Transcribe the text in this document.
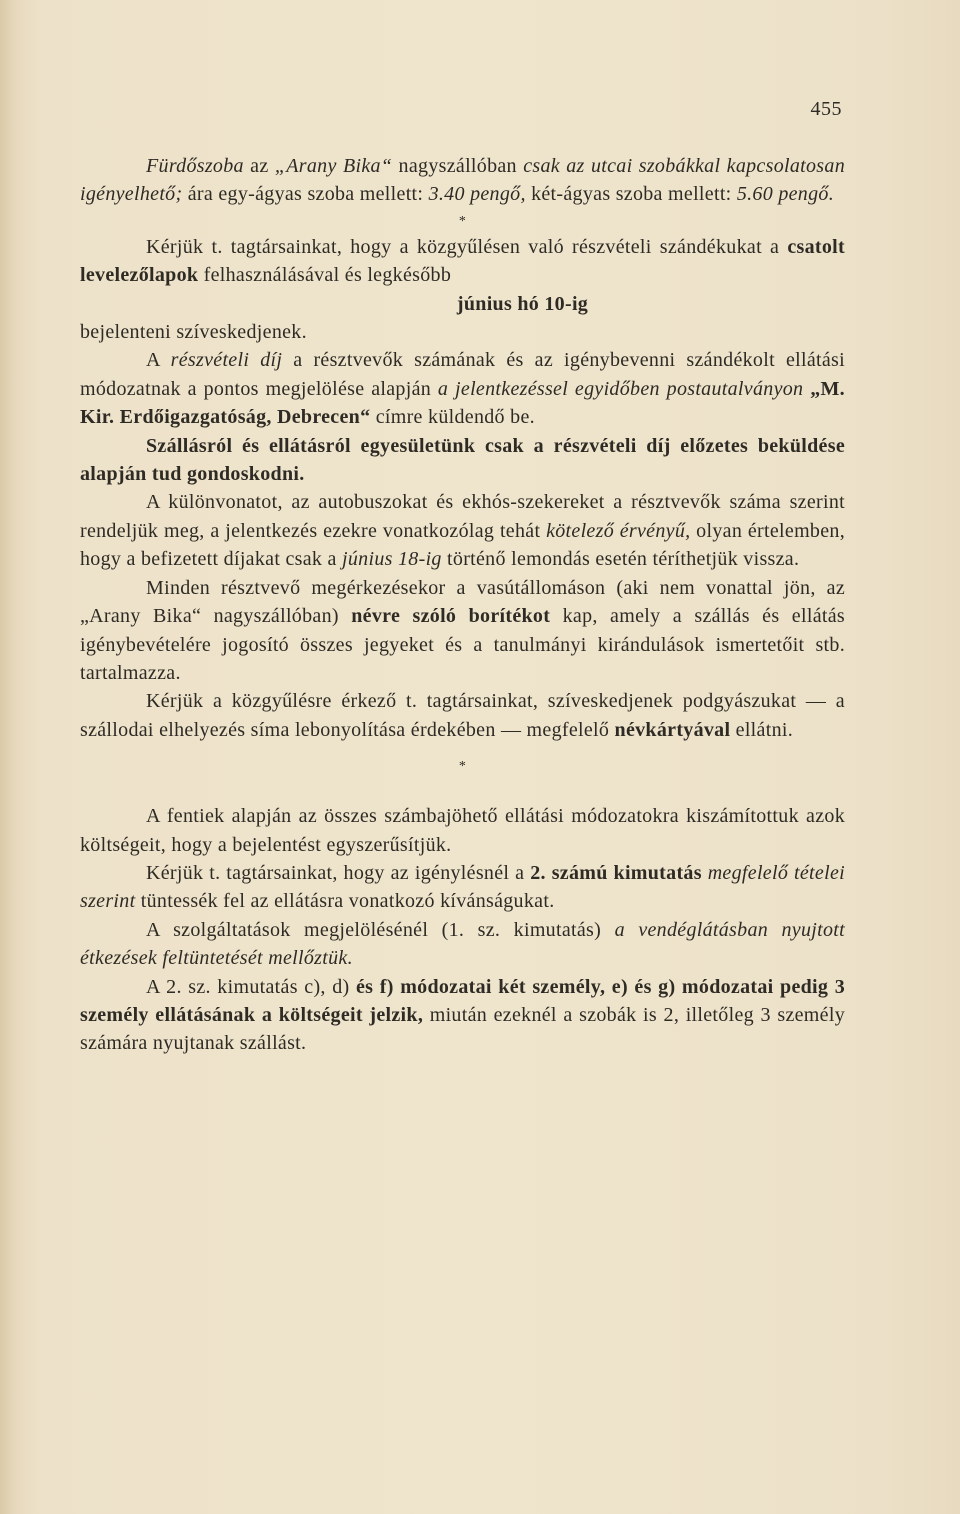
455

Fürdőszoba az „Arany Bika“ nagyszállóban csak az utcai szobákkal kapcsolatosan igényelhető; ára egy-ágyas szoba mellett: 3.40 pengő, két-ágyas szoba mellett: 5.60 pengő.

*

Kérjük t. tagtársainkat, hogy a közgyűlésen való részvételi szándékukat a csatolt levelezőlapok felhasználásával és legkésőbb

június hó 10-ig

bejelenteni szíveskedjenek.

A részvételi díj a résztvevők számának és az igénybevenni szándékolt ellátási módozatnak a pontos megjelölése alapján a jelentkezéssel egyidőben postautalványon „M. Kir. Erdőigazgatóság, Debrecen“ címre küldendő be.

Szállásról és ellátásról egyesületünk csak a részvételi díj előzetes beküldése alapján tud gondoskodni.

A különvonatot, az autobuszokat és ekhós-szekereket a résztvevők száma szerint rendeljük meg, a jelentkezés ezekre vonatkozólag tehát kötelező érvényű, olyan értelemben, hogy a befizetett díjakat csak a június 18-ig történő lemondás esetén téríthetjük vissza.

Minden résztvevő megérkezésekor a vasútállomáson (aki nem vonattal jön, az „Arany Bika“ nagyszállóban) névre szóló borítékot kap, amely a szállás és ellátás igénybevételére jogosító összes jegyeket és a tanulmányi kirándulások ismertetőit stb. tartalmazza.

Kérjük a közgyűlésre érkező t. tagtársainkat, szíveskedjenek podgyászukat — a szállodai elhelyezés síma lebonyolítása érdekében — megfelelő névkártyával ellátni.

*

A fentiek alapján az összes számbajöhető ellátási módozatokra kiszámítottuk azok költségeit, hogy a bejelentést egyszerűsítjük.

Kérjük t. tagtársainkat, hogy az igénylésnél a 2. számú kimutatás megfelelő tételei szerint tüntessék fel az ellátásra vonatkozó kívánságukat.

A szolgáltatások megjelölésénél (1. sz. kimutatás) a vendéglátásban nyujtott étkezések feltüntetését mellőztük.

A 2. sz. kimutatás c), d) és f) módozatai két személy, e) és g) módozatai pedig 3 személy ellátásának a költségeit jelzik, miután ezeknél a szobák is 2, illetőleg 3 személy számára nyujtanak szállást.
